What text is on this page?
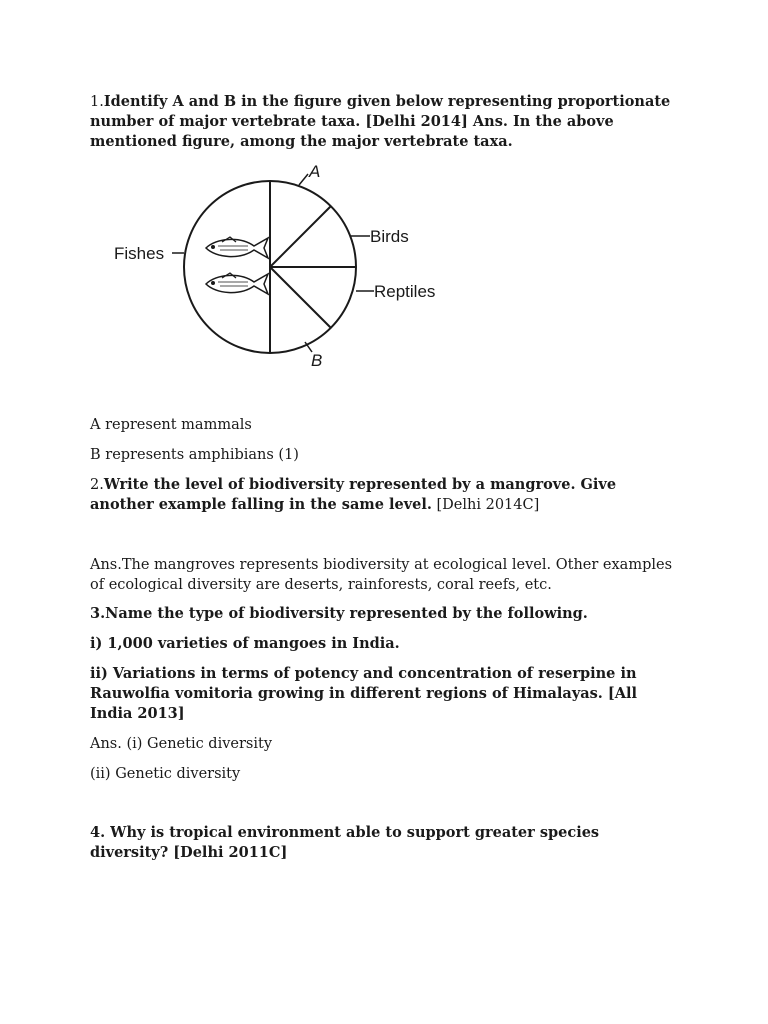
1.Identify A and B in the figure given below representing proportionate number of major vertebrate taxa. [Delhi 2014] Ans. In the above mentioned figure, among the major vertebrate taxa.
A
Fishes
Birds
Reptiles
B
A represent mammals
B represents amphibians (1)
2.Write the level of biodiversity represented by a mangrove. Give another example falling in the same level. [Delhi 2014C]
Ans.The mangroves represents biodiversity at ecological level. Other examples of ecological diversity are deserts, rainforests, coral reefs, etc.
3.Name the type of biodiversity represented by the following.
i) 1,000 varieties of mangoes in India.
ii) Variations in terms of potency and concentration of reserpine in Rauwolfia vomitoria growing in different regions of Himalayas. [All India 2013]
Ans. (i) Genetic diversity
(ii) Genetic diversity
4. Why is tropical environment able to support greater species diversity? [Delhi 2011C]
